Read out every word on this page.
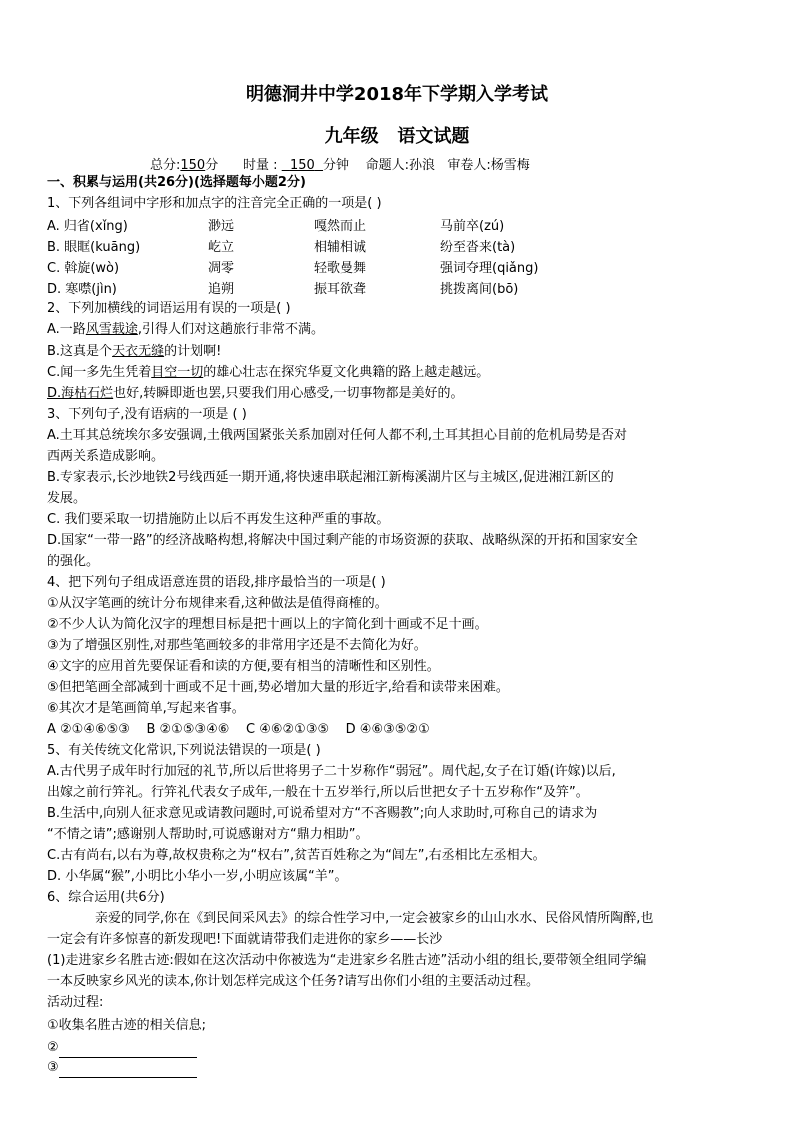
明德洞井中学2018年下学期入学考试
九年级   语文试题
总分:150分 时量 : 150 分钟 命题人:孙浪 审卷人:杨雪梅
一、积累与运用(共26分)(选择题每小题2分)
1、下列各组词中字形和加点字的注音完全正确的一项是( )
A. 归省(xǐng)	渺远	嘎然而止	马前卒(zú)
B. 眼眶(kuāng)	屹立	相辅相诚	纷至沓来(tà)
C. 斡旋(wò)	凋零	轻歌曼舞	强词夺理(qiǎng)
D. 寒噤(jìn)	追朔	振耳欲聋	挑拨离间(bō)
2、下列加横线的词语运用有误的一项是( )
A.一路风雪载途,引得人们对这趟旅行非常不满。
B.这真是个天衣无缝的计划啊!
C.闻一多先生凭着目空一切的雄心壮志在探究华夏文化典籍的路上越走越远。
D.海枯石烂也好,转瞬即逝也罢,只要我们用心感受,一切事物都是美好的。
3、下列句子,没有语病的一项是 ( )
A.土耳其总统埃尔多安强调,土俄两国紧张关系加剧对任何人都不利,土耳其担心目前的危机局势是否对
西两关系造成影响。
B.专家表示,长沙地铁2号线西延一期开通,将快速串联起湘江新梅溪湖片区与主城区,促进湘江新区的
发展。
C. 我们要采取一切措施防止以后不再发生这种严重的事故。
D.国家“一带一路”的经济战略构想,将解决中国过剩产能的市场资源的获取、战略纵深的开拓和国家安全
的强化。
4、把下列句子组成语意连贯的语段,排序最恰当的一项是( )
①从汉字笔画的统计分布规律来看,这种做法是值得商榷的。
②不少人认为简化汉字的理想目标是把十画以上的字简化到十画或不足十画。
③为了增强区别性,对那些笔画较多的非常用字还是不去简化为好。
④文字的应用首先要保证看和读的方便,要有相当的清晰性和区别性。
⑤但把笔画全部减到十画或不足十画,势必增加大量的形近字,给看和读带来困难。
⑥其次才是笔画简单,写起来省事。
A ②①④⑥⑤③    B ②①⑤③④⑥    C ④⑥②①③⑤    D ④⑥③⑤②①
5、有关传统文化常识,下列说法错误的一项是( )
A.古代男子成年时行加冠的礼节,所以后世将男子二十岁称作“弱冠”。周代起,女子在订婚(许嫁)以后,
出嫁之前行笄礼。行笄礼代表女子成年,一般在十五岁举行,所以后世把女子十五岁称作“及笄”。
B.生活中,向别人征求意见或请教问题时,可说希望对方“不吝赐教”;向人求助时,可称自己的请求为
“不情之请”;感谢别人帮助时,可说感谢对方“鼎力相助”。
C.古有尚右,以右为尊,故权贵称之为“权右”,贫苦百姓称之为“闾左”,右丞相比左丞相大。
D. 小华属“猴”,小明比小华小一岁,小明应该属“羊”。
6、综合运用(共6分)
亲爱的同学,你在《到民间采风去》的综合性学习中,一定会被家乡的山山水水、民俗风情所陶醉,也
一定会有许多惊喜的新发现吧!下面就请带我们走进你的家乡——长沙
(1)走进家乡名胜古迹:假如在这次活动中你被选为“走进家乡名胜古迹”活动小组的组长,要带领全组同学编
一本反映家乡风光的读本,你计划怎样完成这个任务?请写出你们小组的主要活动过程。
活动过程:
①收集名胜古迹的相关信息;
②
③
